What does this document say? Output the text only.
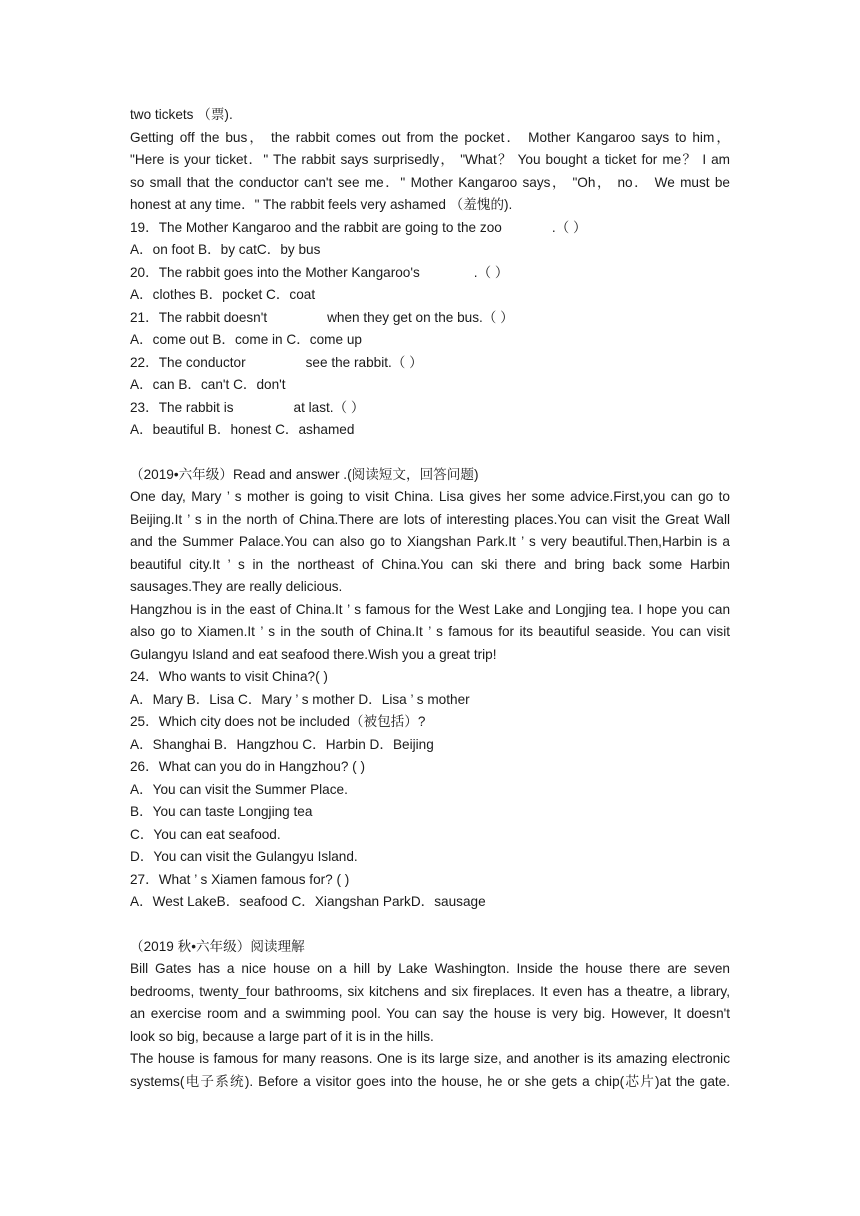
two tickets （票).
Getting off the bus， the rabbit comes out from the pocket． Mother Kangaroo says to him，
"Here is your ticket．" The rabbit says surprisedly， "What？ You bought a ticket for me？ I am
so small that the conductor can't see me．" Mother Kangaroo says， "Oh， no． We must be
honest at any time．" The rabbit feels very ashamed （羞愧的).
19．The Mother Kangaroo and the rabbit are going to the zoo	.（ ）
A．on foot B．by catC．by bus
20．The rabbit goes into the Mother Kangaroo's	.（ ）
A．clothes B．pocket C．coat
21．The rabbit doesn't	when they get on the bus.（ ）
A．come out B．come in C．come up
22．The conductor	see the rabbit.（ ）
A．can B．can't C．don't
23．The rabbit is	at last.（ ）
A．beautiful B．honest C．ashamed
（2019•六年级）Read and answer .(阅读短文，回答问题)
One day, Mary ’ s mother is going to visit China. Lisa gives her some advice.First,you can go to
Beijing.It ’ s in the north of China.There are lots of interesting places.You can visit the Great Wall
and the Summer Palace.You can also go to Xiangshan Park.It ’ s very beautiful.Then,Harbin is a
beautiful city.It ’ s in the northeast of China.You can ski there and bring back some Harbin
sausages.They are really delicious.
Hangzhou is in the east of China.It ’ s famous for the West Lake and Longjing tea. I hope you can
also go to Xiamen.It ’ s in the south of China.It ’ s famous for its beautiful seaside. You can visit
Gulangyu Island and eat seafood there.Wish you a great trip!
24．Who wants to visit China?( )
A．Mary B．Lisa C．Mary ’ s mother D．Lisa ’ s mother
25．Which city does not be included（被包括）?
A．Shanghai B．Hangzhou C．Harbin D．Beijing
26．What can you do in Hangzhou? ( )
A．You can visit the Summer Place.
B．You can taste Longjing tea
C．You can eat seafood.
D．You can visit the Gulangyu Island.
27．What ’ s Xiamen famous for? ( )
A．West LakeB．seafood C．Xiangshan ParkD．sausage
（2019 秋•六年级）阅读理解
Bill Gates has a nice house on a hill by Lake Washington. Inside the house there are seven
bedrooms, twenty_four bathrooms, six kitchens and six fireplaces. It even has a theatre, a library,
an exercise room and a swimming pool. You can say the house is very big. However, It doesn't
look so big, because a large part of it is in the hills.
The house is famous for many reasons. One is its large size, and another is its amazing electronic
systems(电子系统). Before a visitor goes into the house, he or she gets a chip(芯片)at the gate.
